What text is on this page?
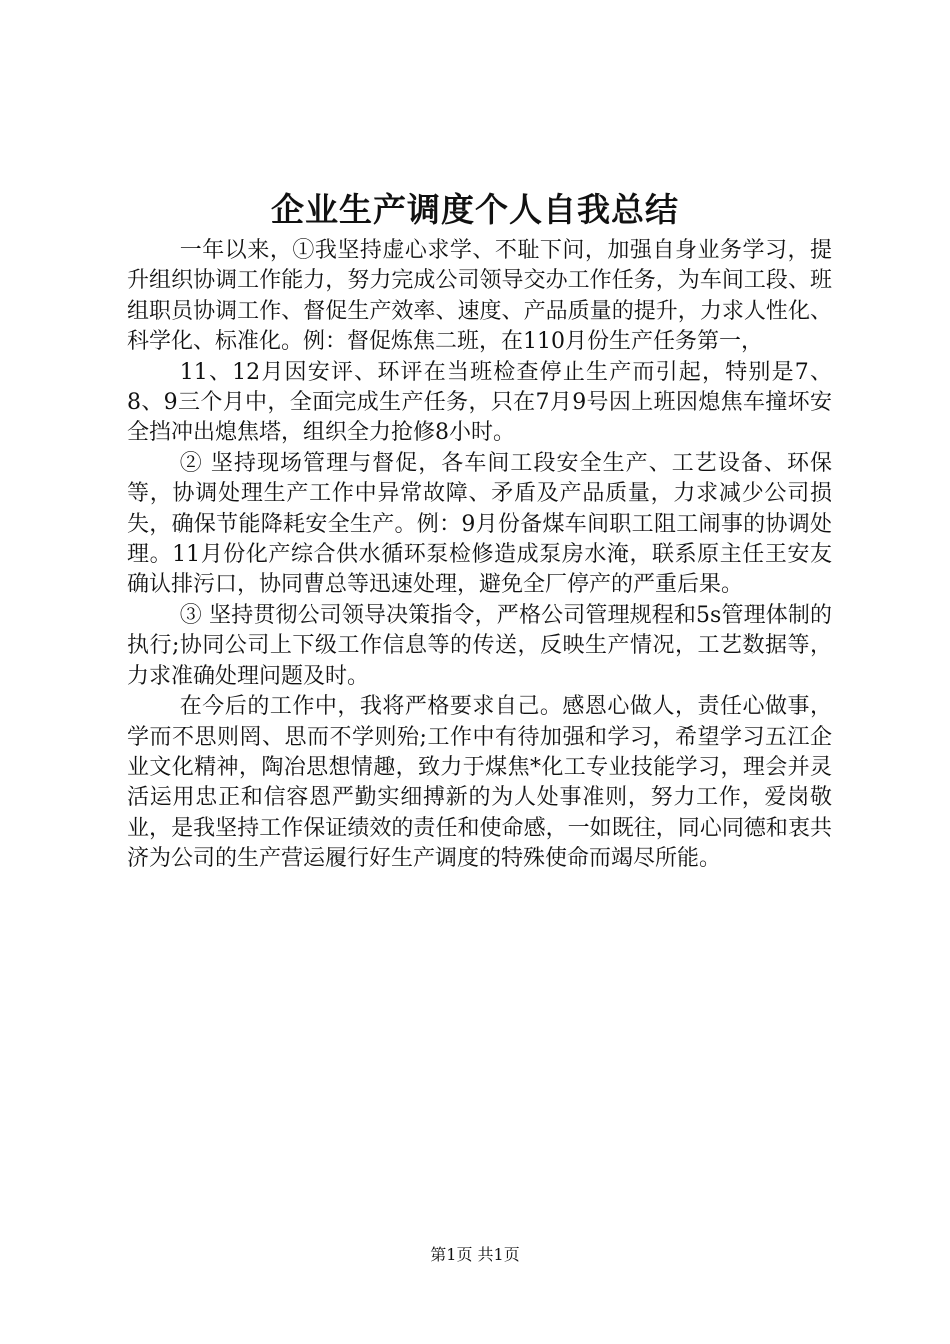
企业生产调度个人自我总结

一年以来，①我坚持虚心求学、不耻下问，加强自身业务学习，提升组织协调工作能力，努力完成公司领导交办工作任务，为车间工段、班组职员协调工作、督促生产效率、速度、产品质量的提升，力求人性化、科学化、标准化。例：督促炼焦二班，在110月份生产任务第一，

11、12月因安评、环评在当班检查停止生产而引起，特别是7、8、9三个月中，全面完成生产任务，只在7月9号因上班因熄焦车撞坏安全挡冲出熄焦塔，组织全力抢修8小时。

② 坚持现场管理与督促，各车间工段安全生产、工艺设备、环保等，协调处理生产工作中异常故障、矛盾及产品质量，力求减少公司损失，确保节能降耗安全生产。例：9月份备煤车间职工阻工闹事的协调处理。11月份化产综合供水循环泵检修造成泵房水淹，联系原主任王安友确认排污口，协同曹总等迅速处理，避免全厂停产的严重后果。

③ 坚持贯彻公司领导决策指令，严格公司管理规程和5s管理体制的执行;协同公司上下级工作信息等的传送，反映生产情况，工艺数据等，力求准确处理问题及时。

在今后的工作中，我将严格要求自己。感恩心做人，责任心做事，学而不思则罔、思而不学则殆;工作中有待加强和学习，希望学习五江企业文化精神，陶冶思想情趣，致力于煤焦*化工专业技能学习，理会并灵活运用忠正和信容恩严勤实细搏新的为人处事准则，努力工作，爱岗敬业，是我坚持工作保证绩效的责任和使命感，一如既往，同心同德和衷共济为公司的生产营运履行好生产调度的特殊使命而竭尽所能。

第1页 共1页
